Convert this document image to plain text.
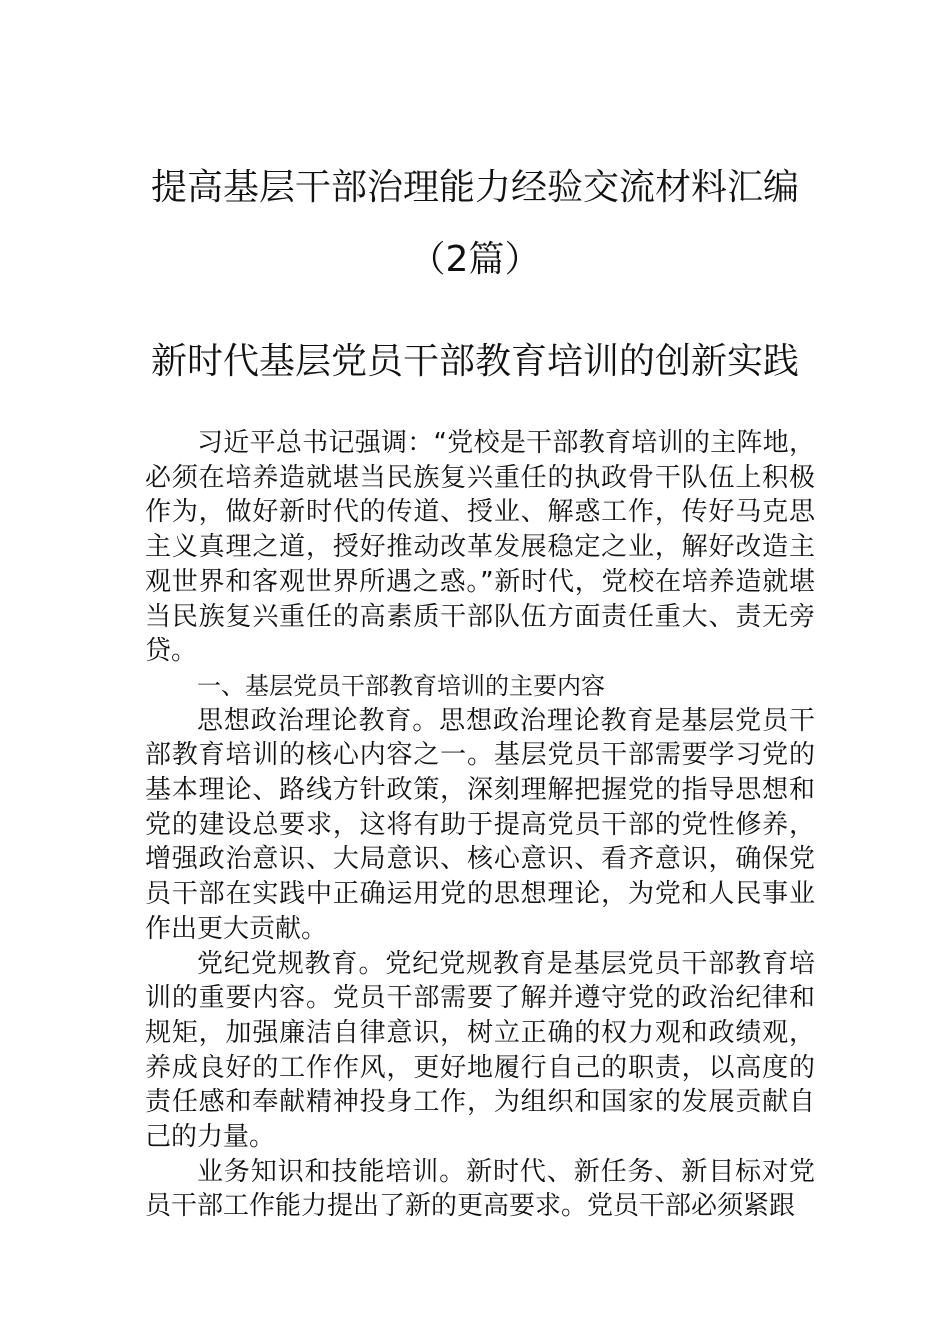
提高基层干部治理能力经验交流材料汇编
（2篇）
新时代基层党员干部教育培训的创新实践

习近平总书记强调：“党校是干部教育培训的主阵地，必须在培养造就堪当民族复兴重任的执政骨干队伍上积极作为，做好新时代的传道、授业、解惑工作，传好马克思主义真理之道，授好推动改革发展稳定之业，解好改造主观世界和客观世界所遇之惑。”新时代，党校在培养造就堪当民族复兴重任的高素质干部队伍方面责任重大、责无旁贷。

一、基层党员干部教育培训的主要内容

思想政治理论教育。思想政治理论教育是基层党员干部教育培训的核心内容之一。基层党员干部需要学习党的基本理论、路线方针政策，深刻理解把握党的指导思想和党的建设总要求，这将有助于提高党员干部的党性修养，增强政治意识、大局意识、核心意识、看齐意识，确保党员干部在实践中正确运用党的思想理论，为党和人民事业作出更大贡献。

党纪党规教育。党纪党规教育是基层党员干部教育培训的重要内容。党员干部需要了解并遵守党的政治纪律和规矩，加强廉洁自律意识，树立正确的权力观和政绩观，养成良好的工作作风，更好地履行自己的职责，以高度的责任感和奉献精神投身工作，为组织和国家的发展贡献自己的力量。

业务知识和技能培训。新时代、新任务、新目标对党员干部工作能力提出了新的更高要求。党员干部必须紧跟
